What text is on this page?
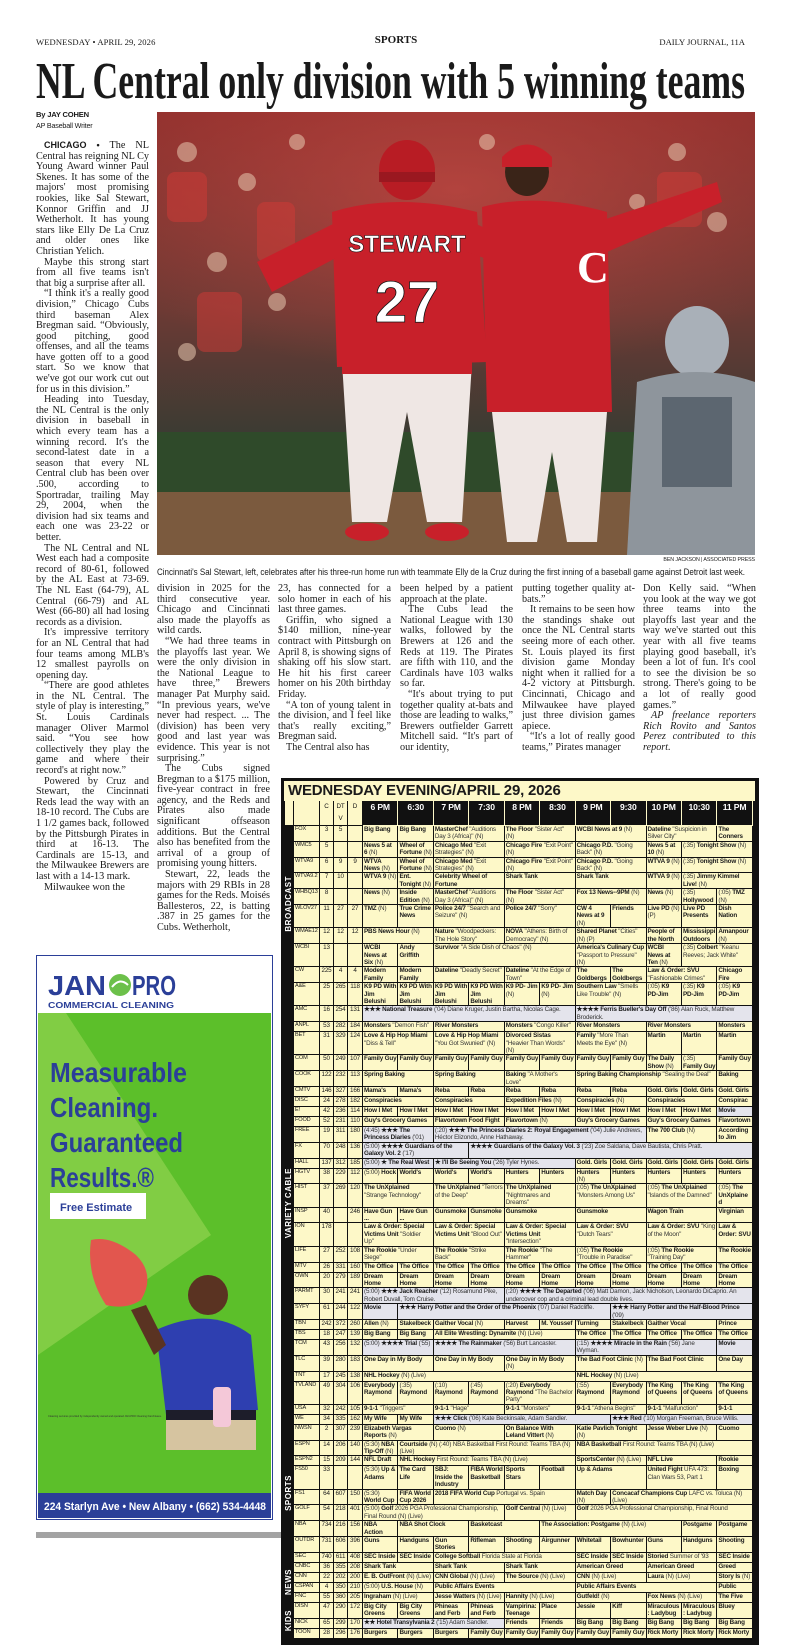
WEDNESDAY • APRIL 29, 2026	SPORTS	DAILY JOURNAL, 11A
NL Central only division with 5 winning teams
By JAY COHEN
AP Baseball Writer

CHICAGO • The NL Central has reigning NL Cy Young Award winner Paul Skenes. It has some of the majors' most promising rookies, like Sal Stewart, Konnor Griffin and JJ Wetherholt. It has young stars like Elly De La Cruz and older ones like Christian Yelich.

Maybe this strong start from all five teams isn't that big a surprise after all.

“I think it's a really good division,” Chicago Cubs third baseman Alex Bregman said. “Obviously, good pitching, good offenses, and all the teams have gotten off to a good start. So we know that we've got our work cut out for us in this division.”

Heading into Tuesday, the NL Central is the only division in baseball in which every team has a winning record. It's the second-latest date in a season that every NL Central club has been over .500, according to Sportradar, trailing May 29, 2004, when the division had six teams and each one was 23-22 or better.

The NL Central and NL West each had a composite record of 80-61, followed by the AL East at 73-69. The NL East (64-79), AL Central (66-79) and AL West (66-80) all had losing records as a division.

It's impressive territory for an NL Central that had four teams among MLB's 12 smallest payrolls on opening day.

“There are good athletes in the NL Central. The style of play is interesting,” St. Louis Cardinals manager Oliver Marmol said. “You see how collectively they play the game and where their record's at right now.”

Powered by Cruz and Stewart, the Cincinnati Reds lead the way with an 18-10 record. The Cubs are 1 1/2 games back, followed by the Pittsburgh Pirates in third at 16-13. The Cardinals are 15-13, and the Milwaukee Brewers are last with a 14-13 mark.

Milwaukee won the

STEWART
27
C
BEN JACKSON | ASSOCIATED PRESS
Cincinnati's Sal Stewart, left, celebrates after his three-run home run with teammate Elly de la Cruz during the first inning of a baseball game against Detroit last week.

division in 2025 for the third consecutive year. Chicago and Cincinnati also made the playoffs as wild cards.

“We had three teams in the playoffs last year. We were the only division in the National League to have three,” Brewers manager Pat Murphy said. “In previous years, we've never had respect. ... The (division) has been very good and last year was evidence. This year is not surprising.”

The Cubs signed Bregman to a $175 million, five-year contract in free agency, and the Reds and Pirates also made significant offseason additions. But the Central also has benefited from the arrival of a group of promising young hitters.

Stewart, 22, leads the majors with 29 RBIs in 28 games for the Reds. Moisés Ballesteros, 22, is batting .387 in 25 games for the Cubs. Wetherholt,

23, has connected for a solo homer in each of his last three games.

Griffin, who signed a $140 million, nine-year contract with Pittsburgh on April 8, is showing signs of shaking off his slow start. He hit his first career homer on his 20th birthday Friday.

“A ton of young talent in the division, and I feel like that's really exciting,” Bregman said.

The Central also has

been helped by a patient approach at the plate.

The Cubs lead the National League with 130 walks, followed by the Brewers at 126 and the Reds at 119. The Pirates are fifth with 110, and the Cardinals have 103 walks so far.

“It's about trying to put together quality at-bats and those are leading to walks,” Brewers outfielder Garrett Mitchell said. “It's part of our identity,

putting together quality at-bats.”

It remains to be seen how the standings shake out once the NL Central starts seeing more of each other. St. Louis played its first division game Monday night when it rallied for a 4-2 victory at Pittsburgh. Cincinnati, Chicago and Milwaukee have played just three division games apiece.

“It's a lot of really good teams,” Pirates manager

Don Kelly said. “When you look at the way we got three teams into the playoffs last year and the way we've started out this year with all five teams playing good baseball, it's been a lot of fun. It's cool to see the division be so strong. There's going to be a lot of really good games.”

AP freelance reporters Rich Rovito and Santos Perez contributed to this report.

WEDNESDAY EVENING/APRIL 29, 2026
		C	DTV	D	6 PM	6:30	7 PM	7:30	8 PM	8:30	9 PM	9:30	10 PM	10:30	11 PM

BROADCAST	FOX	3	5		Big Bang	Big Bang	MasterChef "Auditions Day 3 (Africa)" (N)		The Floor "Sister Act" (N)		WCBI News at 9 (N)		Dateline "Suspicion in Silver City"		The Conners
	WMC5	5			News 5 at 6 (N)	Wheel of Fortune (N)	Chicago Med "Exit Strategies" (N)		Chicago Fire "Exit Point" (N)		Chicago P.D. "Going Back" (N)		News 5 at 10 (N)	(:35) Tonight Show (N)	
	WTVA9	6	9	9	WTVA News (N)	Wheel of Fortune (N)	Chicago Med "Exit Strategies" (N)		Chicago Fire "Exit Point" (N)		Chicago P.D. "Going Back" (N)		WTVA 9 (N)	(:35) Tonight Show (N)	
	WTVA9.2	7	10		WTVA 9 (N)	Ent. Tonight (N)	Celebrity Wheel of Fortune		Shark Tank		Shark Tank		WTVA 9 (N)	(:35) Jimmy Kimmel Live! (N)	
	WHBQ13	8			News (N)	Inside Edition (N)	MasterChef "Auditions Day 3 (Africa)" (N)		The Floor "Sister Act" (N)		Fox 13 News--9PM (N)		News (N)	(:35) Hollywood	(:05) TMZ (N)
	WLOV27	11	27	27	TMZ (N)	True Crime News	Police 24/7 "Search and Seizure" (N)		Police 24/7 "Sorry"		CW 4 News at 9 (N)	Friends	Live PD (N) (P)	Live PD Presents	Dish Nation
	WMAE12	12	12	12	PBS News Hour (N)		Nature "Woodpeckers: The Hole Story"		NOVA "Athens: Birth of Democracy" (N)		Shared Planet "Cities" (N) (P)		People of the North	Mississippi Outdoors	Amanpour (N)
	WCBI	13			WCBI News at Six (N)	Andy Griffith	Survivor "A Side Dish of Chaos" (N)				America's Culinary Cup "Passport to Pressure" (N)		WCBI News at Ten (N)	(:35) Colbert "Keanu Reeves; Jack White"	
	CW	225	4	4	Modern Family	Modern Family	Dateline "Deadly Secret"		Dateline "At the Edge of Town"		The Goldbergs	The Goldbergs	Law & Order: SVU "Fashionable Crimes"		Chicago Fire

VARIETY CABLE	A&E	25	265	118	K9 PD With Jim Belushi	K9 PD With Jim Belushi	K9 PD With Jim Belushi	K9 PD With Jim Belushi	K9 PD- Jim (N)	K9 PD- Jim (N)	Southern Law "Smells Like Trouble" (N)		(:05) K9 PD-Jim	(:35) K9 PD-Jim	(:05) K9 PD-Jim
	AMC	16	254	131	★★★ National Treasure ('04) Diane Kruger, Justin Bartha, Nicolas Cage.						★★★★ Ferris Bueller's Day Off ('86) Alan Ruck, Matthew Broderick.				
	ANPL	53	282	184	Monsters "Demon Fish"		River Monsters		Monsters "Congo Killer"		River Monsters		River Monsters		Monsters
	BET	31	329	124	Love & Hip Hop Miami "Diss & Tell"		Love & Hip Hop Miami "You Got Swunied" (N)		Divorced Sistas "Heavier Than Words" (N)		Family "More Than Meets the Eye" (N)		Martin	Martin	Martin
	COM	50	249	107	Family Guy	Family Guy	Family Guy	Family Guy	Family Guy	Family Guy	Family Guy	Family Guy	The Daily Show (N)	(:35) Family Guy	Family Guy
	COOK	122	232	113	Spring Baking		Spring Baking		Baking "A Mother's Love"		Spring Baking Championship "Sealing the Deal"				Baking
	CMTV	146	327	166	Mama's	Mama's	Reba	Reba	Reba	Reba	Reba	Reba	Gold. Girls	Gold. Girls	Gold. Girls
	DISC	24	278	182	Conspiracies		Conspiracies		Expedition Files (N)		Conspiracies (N)		Conspiracies		Conspirac
	E!	42	236	114	How I Met	How I Met	How I Met	How I Met	How I Met	How I Met	How I Met	How I Met	How I Met	How I Met	Movie
	FOOD	52	231	110	Guy's Grocery Games		Flavortown Food Fight		Flavortown (N)		Guy's Grocery Games		Guy's Grocery Games		Flavortown
	FREE	19	311	180	(4:45) ★★★ The Princess Diaries ('01)		(:20) ★★★ The Princess Diaries 2: Royal Engagement ('04) Julie Andrews, Héctor Elizondo, Anne Hathaway.						The 700 Club (N)		According to Jim
	FX	70	248	136	(5:00) ★★★★ Guardians of the Galaxy Vol. 2 ('17)			★★★★ Guardians of the Galaxy Vol. 3 ('23) Zoe Saldana, Dave Bautista, Chris Pratt.							
	HALL	137	312	185	(5:00) ★ The Real West		★ I'll Be Seeing You ('26) Tyler Hynes.				Gold. Girls	Gold. Girls	Gold. Girls	Gold. Girls	Gold. Girls
	HGTV	38	229	112	(5:00) Hock	World's	World's	World's	Hunters	Hunters	Hunters (N)	Hunters	Hunters	Hunters	Hunters
	HIST	37	269	120	The UnXplained "Strange Technology"		The UnXplained "Terrors of the Deep"		The UnXplained "Nightmares and Dreams"		(:05) The UnXplained "Monsters Among Us"		(:05) The UnXplained "Islands of the Damned"		(:05) The UnXplained
	INSP	40		246	Have Gun ...	Have Gun ...	Gunsmoke	Gunsmoke	Gunsmoke		Gunsmoke		Wagon Train		Virginian
	ION	178			Law & Order: Special Victims Unit "Soldier Up"		Law & Order: Special Victims Unit "Blood Out"		Law & Order: Special Victims Unit "Intersection"		Law & Order: SVU "Dutch Tears"		Law & Order: SVU "King of the Moon"		Law & Order: SVU
	LIFE	27	252	108	The Rookie "Under Siege"		The Rookie "Strike Back"		The Rookie "The Hammer"		(:05) The Rookie "Trouble in Paradise"		(:05) The Rookie "Training Day"		The Rookie
	MTV	26	331	160	The Office	The Office	The Office	The Office	The Office	The Office	The Office	The Office	The Office	The Office	The Office
	OWN	20	279	189	Dream Home	Dream Home	Dream Home	Dream Home	Dream Home	Dream Home	Dream Home	Dream Home	Dream Home	Dream Home	Dream Home
	PARMT	30	241	241	(5:00) ★★★ Jack Reacher ('12) Rosamund Pike, Robert Duvall, Tom Cruise.				(:20) ★★★★ The Departed ('06) Matt Damon, Jack Nicholson, Leonardo DiCaprio. An undercover cop and a criminal lead double lives.						
	SYFY	61	244	122	Movie	★★★ Harry Potter and the Order of the Phoenix ('07) Daniel Radcliffe.						★★★ Harry Potter and the Half-Blood Prince ('09)			
	TBN	242	372	260	Allen (N)	Stakelbeck	Gaither Vocal (N)		Harvest	M. Youssef	Turning	Stakelbeck	Gaither Vocal		Prince
	TBS	18	247	139	Big Bang	Big Bang	All Elite Wrestling: Dynamite (N) (Live)				The Office	The Office	The Office	The Office	The Office
	TCM	43	256	132	(5:00) ★★★★ Trial ('55)		★★★★ The Rainmaker ('56) Burt Lancaster.				(:15) ★★★★ Miracle in the Rain ('56) Jane Wyman.				Movie
	TLC	39	280	183	One Day in My Body		One Day in My Body		One Day in My Body (N)		The Bad Foot Clinic (N)		The Bad Foot Clinic		One Day
	TNT	17	245	138	NHL Hockey (N) (Live)						NHL Hockey (N) (Live)				
	TVLAND	49	304	106	Everybody Raymond	(:35) Raymond	(:10) Raymond	(:45) Raymond	(:20) Everybody Raymond "The Bachelor Party"		(:55) Raymond	Everybody Raymond	The King of Queens	The King of Queens	The King of Queens
	USA	32	242	105	9-1-1 "Triggers"		9-1-1 "Hage"		9-1-1 "Monsters"		9-1-1 "Athena Begins"		9-1-1 "Malfunction"		9-1-1
	WE	34	335	162	My Wife	My Wife	★★★ Click ('06) Kate Beckinsale, Adam Sandler.					★★★ Red ('10) Morgan Freeman, Bruce Willis.			

SPORTS	NWSN	2	307	239	Elizabeth Vargas Reports (N)		Cuomo (N)		On Balance With Leland Vittert (N)		Katie Pavlich Tonight (N)		Jesse Weber Live (N)		Cuomo
	ESPN	14	206	140	(5:30) NBA Tip-Off (N)	Courtside (N) (:40) NBA Basketball First Round: Teams TBA (N) (Live)					NBA Basketball First Round: Teams TBA (N) (Live)				
	ESPN2	15	209	144	NFL Draft	NHL Hockey First Round: Teams TBA (N) (Live)					SportsCenter (N) (Live)		NFL Live		Rookie
	FS50	33			(5:30) Up & Adams	The Card Life	SBJ: Inside the Industry	FIBA World Basketball	Sports Stars	Football	Up & Adams		United Fight UFA 473: Clan Wars 53, Part 1		Boxing
	FS1	64	607	150	(5:30) World Cup	FIFA World Cup 2026	2018 FIFA World Cup Portugal vs. Spain				Match Day (N)	Concacaf Champions Cup LAFC vs. Toluca (N) (Live)			
	GOLF	54	218	401	(5:00) Golf 2026 PGA Professional Championship, Final Round (N) (Live)				Golf Central (N) (Live)		Golf 2026 PGA Professional Championship, Final Round				
	NBA	734	216	156	NBA Action	NBA Shot Clock		Basketcast		The Association: Postgame (N) (Live)				Postgame	Postgame
	OUTDR	731	606	396	Guns	Handguns	Gun Stories	Rifleman	Shooting	Airgunner	Whitetail	Bowhunter	Guns	Handguns	Shooting
	SEC	740	611	408	SEC Inside	SEC Inside	College Softball Florida State at Florida				SEC Inside	SEC Inside	Storied Summer of '93		SEC Inside

NEWS	CNBC	36	355	208	Shark Tank		Shark Tank		Shark Tank		American Greed		American Greed		Greed
	CNN	22	202	200	E. B. OutFront (N) (Live)		CNN Global (N) (Live)		The Source (N) (Live)		CNN (N) (Live)		Laura (N) (Live)		Story Is (N)
	CSPAN	4	350	210	(5:00) U.S. House (N)		Public Affairs Events				Public Affairs Events				Public
	FNC	55	360	205	Ingraham (N) (Live)		Jesse Watters (N) (Live)		Hannity (N) (Live)		Gutfeld! (N)		Fox News (N) (Live)		The Five

KIDS	DISN	47	290	172	Big City Greens	Big City Greens	Phineas and Ferb	Phineas and Ferb	Vampirina: Teenage	Place	Jessie	Kiff	Miraculous: Ladybug	Miraculous: Ladybug	Bluey
	NICK	65	299	170	★★ Hotel Transylvania 2 ('15) Adam Sandler.				Friends	Friends	Big Bang	Big Bang	Big Bang	Big Bang	Big Bang
	TOON	28	296	176	Burgers	Burgers	Burgers	Family Guy	Family Guy	Family Guy	Family Guy	Family Guy	Rick Morty	Rick Morty	Rick Morty
JAN PRO
COMMERCIAL CLEANING
Measurable
Cleaning.
Guaranteed
Results.®
Free Estimate
Cleaning services provided by independently owned and operated JAN-PRO Cleaning franchisees.
224 Starlyn Ave • New Albany • (662) 534-4448
